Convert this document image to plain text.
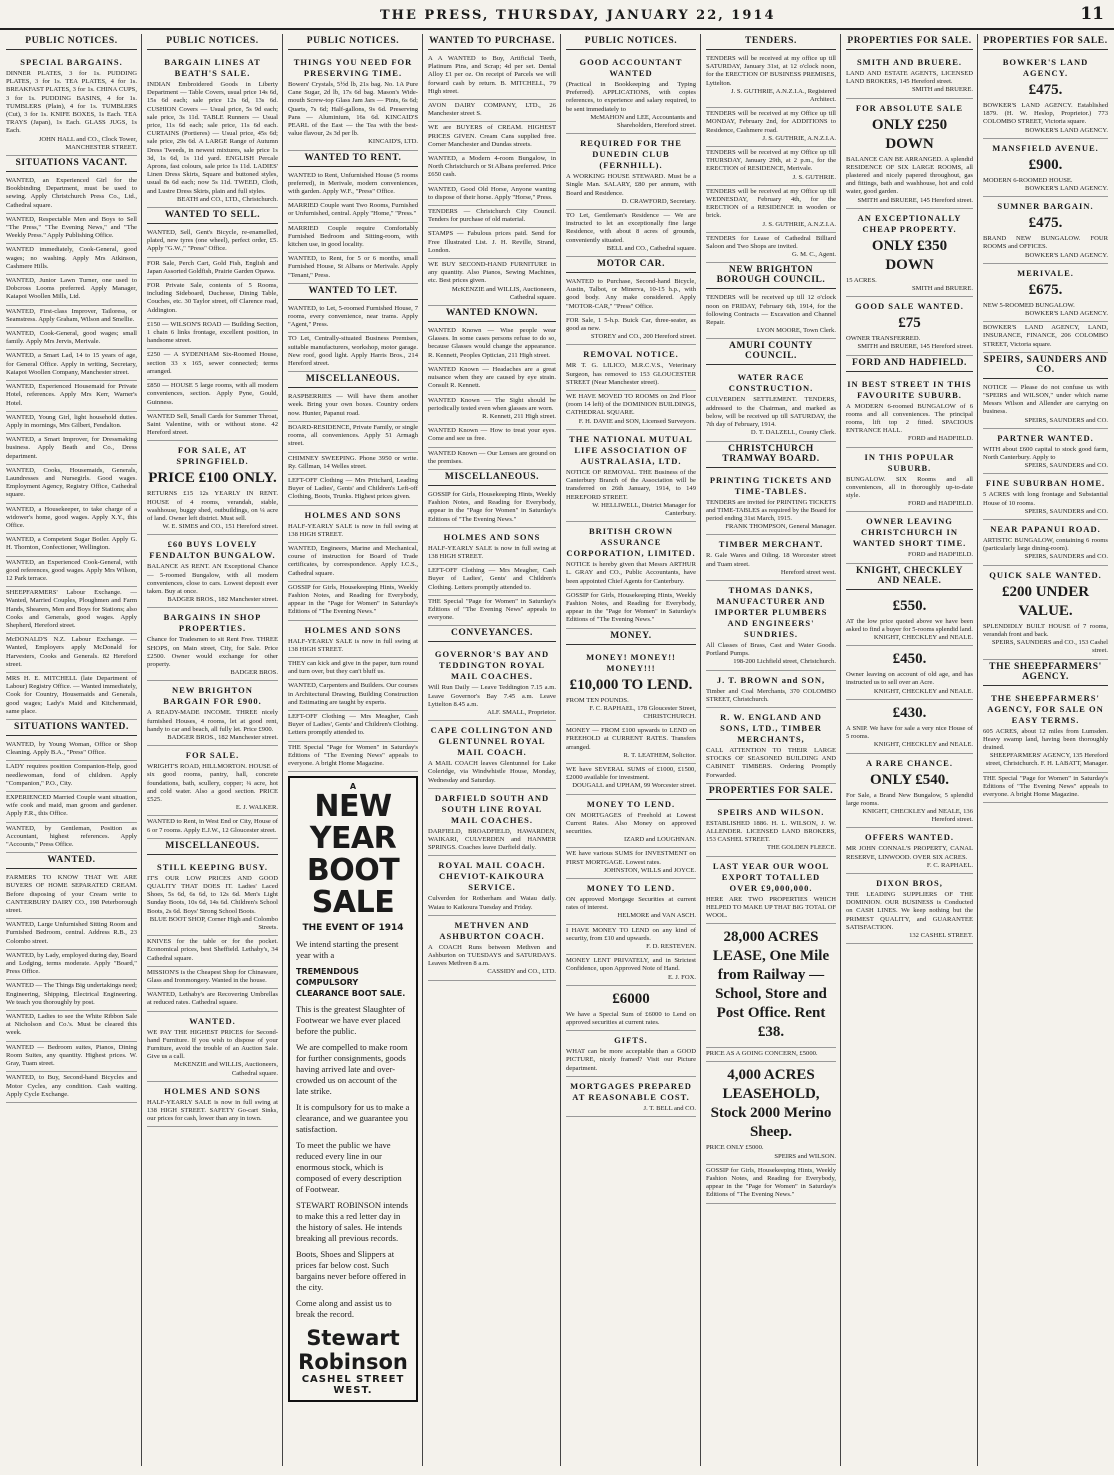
THE PRESS, THURSDAY, JANUARY 22, 1914	11
PUBLIC NOTICES.
SPECIAL BARGAINS.
DINNER PLATES, 3 for 1s. PUDDING PLATES, 3 for 1s. TEA PLATES, 4 for 1s. BREAKFAST PLATES, 3 for 1s. CHINA CUPS, 3 for 1s. PUDDING BASINS, 4 for 1s. TUMBLERS (Plain), 4 for 1s. TUMBLERS (Cut), 3 for 1s. KNIFE BOXES, 1s Each. TEA TRAYS (Japan), 1s Each. GLASS JUGS, 1s Each.
JOHN HALL and CO., Clock Tower, MANCHESTER STREET.
SITUATIONS VACANT.
WANTED, an Experienced Girl for the Bookbinding Department, must be used to sewing. Apply Christchurch Press Co., Ltd., Cathedral square.
WANTED, Respectable Men and Boys to Sell "The Press," "The Evening News," and "The Weekly Press." Apply Publishing Office.
WANTED immediately, Cook-General, good wages; no washing. Apply Mrs Atkinson, Cashmere Hills.
WANTED, Junior Lawn Turner, one used to Dobcross Looms preferred. Apply Manager, Kaiapoi Woollen Mills, Ltd.
WANTED, First-class Improver, Tailoress, or Seamstress. Apply Graham, Wilson and Smellie.
WANTED, Cook-General, good wages; small family. Apply Mrs Jervis, Merivale.
WANTED, a Smart Lad, 14 to 15 years of age, for General Office. Apply in writing, Secretary, Kaiapoi Woollen Company, Manchester street.
WANTED, Experienced Housemaid for Private Hotel, references. Apply Mrs Kerr, Warner's Hotel.
WANTED, Young Girl, light household duties. Apply in mornings, Mrs Gilbert, Fendalton.
WANTED, a Smart Improver, for Dressmaking business. Apply Beath and Co., Dress department.
WANTED, Cooks, Housemaids, Generals, Laundresses and Nursegirls. Good wages. Employment Agency, Registry Office, Cathedral square.
WANTED, a Housekeeper, to take charge of a widower's home, good wages. Apply X.Y., this Office.
WANTED, a Competent Sugar Boiler. Apply G. H. Thornton, Confectioner, Wellington.
WANTED, an Experienced Cook-General, with good references, good wages. Apply Mrs Wilson, 12 Park terrace.
SHEEPFARMERS' Labour Exchange. — Wanted, Married Couples, Ploughmen and Farm Hands, Shearers, Men and Boys for Stations; also Cooks and Generals, good wages. Apply Shepherd, Hereford street.
McDONALD'S N.Z. Labour Exchange. — Wanted, Employers apply McDonald for Harvesters, Cooks and Generals. 82 Hereford street.
MRS H. E. MITCHELL (late Department of Labour) Registry Office. — Wanted immediately, Cook for Country, Housemaids and Generals, good wages; Lady's Maid and Kitchenmaid, same place.
SITUATIONS WANTED.
WANTED, by Young Woman, Office or Shop Cleaning. Apply B.A., "Press" Office.
LADY requires position Companion-Help, good needlewoman, fond of children. Apply "Companion," P.O., City.
EXPERIENCED Married Couple want situation, wife cook and maid, man groom and gardener. Apply F.R., this Office.
WANTED, by Gentleman, Position as Accountant, highest references. Apply "Accounts," Press Office.
WANTED.
FARMERS TO KNOW THAT WE ARE BUYERS OF HOME SEPARATED CREAM. Before disposing of your Cream write to CANTERBURY DAIRY CO., 198 Peterborough street.
WANTED, Large Unfurnished Sitting Room and Furnished Bedroom, central. Address R.B., 23 Colombo street.
WANTED, by Lady, employed during day, Board and Lodging, terms moderate. Apply "Board," Press Office.
WANTED — The Things Big undertakings need; Engineering, Shipping, Electrical Engineering. We teach you thoroughly by post.
WANTED, Ladies to see the White Ribbon Sale at Nicholson and Co.'s. Must be cleared this week.
WANTED — Bedroom suites, Pianos, Dining Room Suites, any quantity. Highest prices. W. Gray, Tuam street.
WANTED, to Buy, Second-hand Bicycles and Motor Cycles, any condition. Cash waiting. Apply Cycle Exchange.
PUBLIC NOTICES.
BARGAIN LINES AT BEATH'S SALE.
INDIAN Embroidered Goods in Liberty Department — Table Covers, usual price 14s 6d, 15s 6d each; sale price 12s 6d, 13s 6d. CUSHION Covers — Usual price, 5s 9d each; sale price, 3s 11d. TABLE Runners — Usual price, 11s 6d each; sale price, 11s 6d each. CURTAINS (Portieres) — Usual price, 45s 6d; sale price, 29s 6d. A LARGE Range of Autumn Dress Tweeds, in newest mixtures, sale price 1s 3d, 1s 6d, 1s 11d yard. ENGLISH Percale Aprons, fast colours, sale price 1s 11d. LADIES' Linen Dress Skirts, Square and buttoned styles, usual 8s 6d each; now 5s 11d. TWEED, Cloth, and Lustre Dress Skirts, plain and full styles.
BEATH and CO., LTD., Christchurch.
WANTED TO SELL.
WANTED, Sell, Gent's Bicycle, re-enamelled, plated, new tyres (one wheel), perfect order, £5. Apply "G.W.," "Press" Office.
FOR Sale, Perch Cart, Gold Fish, English and Japan Assorted Goldfish, Prairie Garden Opawa.
FOR Private Sale, contents of 5 Rooms, including Sideboard, Duchesse, Dining Table, Couches, etc. 30 Taylor street, off Clarence road, Addington.
£150 — WILSON'S ROAD — Building Section, 1 chain 6 links frontage, excellent position, in handsome street.
£250 — A SYDENHAM Six-Roomed House, section 33 x 165, sewer connected; terms arranged.
£850 — HOUSE 5 large rooms, with all modern conveniences, section. Apply Pyne, Gould, Guinness.
WANTED Sell, Small Cards for Summer Throat, Saint Valentine, with or without stone. 42 Hereford street.
FOR SALE, AT SPRINGFIELD.
PRICE £100 ONLY.
RETURNS £15 12s YEARLY IN RENT. HOUSE of 4 rooms, verandah, stable, washhouse, buggy shed, outbuildings, on ¼ acre of land. Owner left district. Must sell.
W. E. SIMES and CO., 151 Hereford street.
£60 BUYS LOVELY FENDALTON BUNGALOW.
BALANCE AS RENT. AN Exceptional Chance — 5-roomed Bungalow, with all modern conveniences, close to cars. Lowest deposit ever taken. Buy at once.
BADGER BROS., 182 Manchester street.
BARGAINS IN SHOP PROPERTIES.
Chance for Tradesmen to sit Rent Free. THREE SHOPS, on Main street, City, for Sale. Price £2500. Owner would exchange for other property.
BADGER BROS.
NEW BRIGHTON BARGAIN FOR £900.
A READY-MADE INCOME. THREE nicely furnished Houses, 4 rooms, let at good rent, handy to car and beach, all fully let. Price £900.
BADGER BROS., 182 Manchester street.
FOR SALE.
WRIGHT'S ROAD, HILLMORTON. HOUSE of six good rooms, pantry, hall, concrete foundations, bath, scullery, copper; ¼ acre, hot and cold water. Also a good section. PRICE £525.
E. J. WALKER.
WANTED to Rent, in West End or City, House of 6 or 7 rooms. Apply E.J.W., 12 Gloucester street.
MISCELLANEOUS.
STILL KEEPING BUSY.
IT'S OUR LOW PRICES AND GOOD QUALITY THAT DOES IT. Ladies' Laced Shoes, 5s 6d, 6s 6d, to 12s 6d. Men's Light Sunday Boots, 10s 6d, 14s 6d. Children's School Boots, 2s 6d. Boys' Strong School Boots.
BLUE BOOT SHOP, Corner High and Colombo Streets.
KNIVES for the table or for the pocket. Economical prices, best Sheffield. Lethaby's, 34 Cathedral square.
MISSION'S is the Cheapest Shop for Chinaware, Glass and Ironmongery. Wanted in the house.
WANTED, Lethaby's are Recovering Umbrellas at reduced rates. Cathedral square.
WANTED.
WE PAY THE HIGHEST PRICES for Second-hand Furniture. If you wish to dispose of your Furniture, avoid the trouble of an Auction Sale. Give us a call.
McKENZIE and WILLIS, Auctioneers, Cathedral square.
HOLMES AND SONS
HALF-YEARLY SALE is now in full swing at 138 HIGH STREET. SAFETY Go-cart Sinks, our prices for cash, lower than any in town.
PUBLIC NOTICES.
THINGS YOU NEED FOR PRESERVING TIME.
Bowers' Crystals, 5½d lb, 21s bag. No. 1A Pure Cane Sugar, 2d lb, 17s 6d bag. Mason's Wide-mouth Screw-top Glass Jam Jars — Pints, 6s 6d; Quarts, 7s 6d; Half-gallons, 9s 6d. Preserving Pans — Aluminium, 16s 6d. KINCAID'S PEARL of the East — the Tea with the best-value flavour, 2s 3d per lb.
KINCAID'S, LTD.
WANTED TO RENT.
WANTED to Rent, Unfurnished House (5 rooms preferred), in Merivale, modern conveniences, with garden. Apply W.F., "Press" Office.
MARRIED Couple want Two Rooms, Furnished or Unfurnished, central. Apply "Home," "Press."
MARRIED Couple require Comfortably Furnished Bedroom and Sitting-room, with kitchen use, in good locality.
WANTED, to Rent, for 5 or 6 months, small Furnished House, St Albans or Merivale. Apply "Tenant," Press.
WANTED TO LET.
WANTED, to Let, 5-roomed Furnished House, 7 rooms, every convenience, near trams. Apply "Agent," Press.
TO Let, Centrally-situated Business Premises, suitable manufacturers, workshop, motor garage. New roof, good light. Apply Harris Bros., 214 Hereford street.
MISCELLANEOUS.
RASPBERRIES — Will have them another week. Bring your own boxes. Country orders now. Hunter, Papanui road.
BOARD-RESIDENCE, Private Family, or single rooms, all conveniences. Apply 51 Armagh street.
CHIMNEY SWEEPING. Phone 3950 or write. Ry. Gillman, 14 Welles street.
LEFT-OFF Clothing — Mrs Pritchard, Leading Buyer of Ladies', Gents' and Children's Left-off Clothing, Boots, Trunks. Highest prices given.
HOLMES AND SONS
HALF-YEARLY SALE is now in full swing at 138 HIGH STREET.
WANTED, Engineers, Marine and Mechanical, course of instruction for Board of Trade certificates, by correspondence. Apply I.C.S., Cathedral square.
GOSSIP for Girls, Housekeeping Hints, Weekly Fashion Notes, and Reading for Everybody, appear in the "Page for Women" in Saturday's Editions of "The Evening News."
HOLMES AND SONS
HALF-YEARLY SALE is now in full swing at 138 HIGH STREET.
THEY can kick and give in the paper, turn round and turn over, but they can't bluff us.
WANTED, Carpenters and Builders. Our courses in Architectural Drawing, Building Construction and Estimating are taught by experts.
LEFT-OFF Clothing — Mrs Meagher, Cash Buyer of Ladies', Gents' and Children's Clothing. Letters promptly attended to.
THE Special "Page for Women" in Saturday's Editions of "The Evening News" appeals to everyone. A bright Home Magazine.
A
NEW YEAR
BOOT SALE
THE EVENT OF 1914

We intend starting the present year with a

TREMENDOUS COMPULSORY CLEARANCE BOOT SALE.

This is the greatest Slaughter of Footwear we have ever placed before the public.

We are compelled to make room for further consignments, goods having arrived late and over-crowded us on account of the late strike.

It is compulsory for us to make a clearance, and we guarantee you satisfaction.

To meet the public we have reduced every line in our enormous stock, which is composed of every description of Footwear.

STEWART ROBINSON intends to make this a red letter day in the history of sales. He intends breaking all previous records.

Boots, Shoes and Slippers at prices far below cost. Such bargains never before offered in the city.

Come along and assist us to break the record.

Stewart Robinson
CASHEL STREET WEST.
WANTED TO PURCHASE.
A A WANTED to Buy, Artificial Teeth, Platinum Pins, and Scrap; 4d per set. Dental Alloy £1 per oz. On receipt of Parcels we will forward cash by return. B. MITCHELL, 79 High street.
AVON DAIRY COMPANY, LTD., 26 Manchester street S.
WE are BUYERS of CREAM. HIGHEST PRICES GIVEN. Cream Cans supplied free. Corner Manchester and Dundas streets.
WANTED, a Modern 4-room Bungalow, in North Christchurch or St Albans preferred. Price £650 cash.
WANTED, Good Old Horse, Anyone wanting to dispose of their horse. Apply "Horse," Press.
TENDERS — Christchurch City Council. Tenders for purchase of old material.
STAMPS — Fabulous prices paid. Send for Free Illustrated List. J. H. Reville, Strand, London.
WE BUY SECOND-HAND FURNITURE in any quantity. Also Pianos, Sewing Machines, etc. Best prices given.
McKENZIE and WILLIS, Auctioneers, Cathedral square.
WANTED KNOWN.
WANTED Known — Wise people wear Glasses. In some cases persons refuse to do so, because Glasses would change the appearance. R. Kennett, Peoples Optician, 211 High street.
WANTED Known — Headaches are a great nuisance when they are caused by eye strain. Consult R. Kennett.
WANTED Known — The Sight should be periodically tested even when glasses are worn.
R. Kennett, 211 High street.
WANTED Known — How to treat your eyes. Come and see us free.
WANTED Known — Our Lenses are ground on the premises.
MISCELLANEOUS.
GOSSIP for Girls, Housekeeping Hints, Weekly Fashion Notes, and Reading for Everybody, appear in the "Page for Women" in Saturday's Editions of "The Evening News."
HOLMES AND SONS
HALF-YEARLY SALE is now in full swing at 138 HIGH STREET.
LEFT-OFF Clothing — Mrs Meagher, Cash Buyer of Ladies', Gents' and Children's Clothing. Letters promptly attended to.
THE Special "Page for Women" in Saturday's Editions of "The Evening News" appeals to everyone.
CONVEYANCES.
GOVERNOR'S BAY AND TEDDINGTON ROYAL MAIL COACHES.
Will Run Daily — Leave Teddington 7.15 a.m. Leave Governor's Bay 7.45 a.m. Leave Lyttelton 8.45 a.m.
ALF. SMALL, Proprietor.
CAPE COLLINGTON AND GLENTUNNEL ROYAL MAIL COACH.
A MAIL COACH leaves Glentunnel for Lake Coleridge, via Windwhistle House, Monday, Wednesday and Saturday.
DARFIELD SOUTH AND SOUTH LINE ROYAL MAIL COACHES.
DARFIELD, BROADFIELD, HAWARDEN, WAIKARI, CULVERDEN and HANMER SPRINGS. Coaches leave Darfield daily.
ROYAL MAIL COACH. CHEVIOT-KAIKOURA SERVICE.
Culverden for Rotherham and Waiau daily. Waiau to Kaikoura Tuesday and Friday.
METHVEN AND ASHBURTON COACH.
A COACH Runs between Methven and Ashburton on TUESDAYS and SATURDAYS. Leaves Methven 8 a.m.
CASSIDY and CO., LTD.
PUBLIC NOTICES.
GOOD ACCOUNTANT WANTED
(Practical in Bookkeeping and Typing Preferred). APPLICATIONS, with copies references, to experience and salary required, to be sent immediately to
McMAHON and LEE, Accountants and Shareholders, Hereford street.
REQUIRED FOR THE DUNEDIN CLUB (FERNHILL).
A WORKING HOUSE STEWARD. Must be a Single Man. SALARY, £80 per annum, with Board and Residence.
D. CRAWFORD, Secretary.
TO Let, Gentleman's Residence — We are instructed to let an exceptionally fine large Residence, with about 8 acres of grounds, conveniently situated.
BELL and CO., Cathedral square.
MOTOR CAR.
WANTED to Purchase, Second-hand Bicycle, Austin, Talbot, or Minerva, 10-15 h.p., with good body. Any make considered. Apply "MOTOR-CAR," "Press" Office.
FOR Sale, 1 5-h.p. Buick Car, three-seater, as good as new.
STOREY and CO., 200 Hereford street.
REMOVAL NOTICE.
MR T. G. LILICO, M.R.C.V.S., Veterinary Surgeon, has removed to 153 GLOUCESTER STREET (Near Manchester street).
WE HAVE MOVED TO ROOMS on 2nd Floor (room 14 left) of the DOMINION BUILDINGS, CATHEDRAL SQUARE.
F. H. DAVIE and SON, Licensed Surveyors.
THE NATIONAL MUTUAL LIFE ASSOCIATION OF AUSTRALASIA, LTD.
NOTICE OF REMOVAL. THE Business of the Canterbury Branch of the Association will be transferred on 26th January, 1914, to 149 HEREFORD STREET.
W. HELLIWELL, District Manager for Canterbury.
BRITISH CROWN ASSURANCE CORPORATION, LIMITED.
NOTICE is hereby given that Messrs ARTHUR L. GRAY and CO., Public Accountants, have been appointed Chief Agents for Canterbury.
GOSSIP for Girls, Housekeeping Hints, Weekly Fashion Notes, and Reading for Everybody, appear in the "Page for Women" in Saturday's Editions of "The Evening News."
MONEY.
MONEY! MONEY!! MONEY!!!
£10,000 TO LEND.
FROM TEN POUNDS.
F. C. RAPHAEL, 178 Gloucester Street, CHRISTCHURCH.
MONEY — FROM £100 upwards to LEND on FREEHOLD at CURRENT RATES. Transfers arranged.
R. T. LEATHEM, Solicitor.
WE have SEVERAL SUMS of £1000, £1500, £2000 available for investment.
DOUGALL and UPHAM, 99 Worcester street.
MONEY TO LEND.
ON MORTGAGES of Freehold at Lowest Current Rates. Also Money on approved securities.
IZARD and LOUGHNAN.
WE have various SUMS for INVESTMENT on FIRST MORTGAGE. Lowest rates.
JOHNSTON, WILLS and JOYCE.
MONEY TO LEND.
ON approved Mortgage Securities at current rates of interest.
HELMORE and VAN ASCH.
I HAVE MONEY TO LEND on any kind of security, from £10 and upwards.
F. D. RESTEVEN.
MONEY LENT PRIVATELY, and in Strictest Confidence, upon Approved Note of Hand.
E. J. FOX.
£6000
We have a Special Sum of £6000 to Lend on approved securities at current rates.
GIFTS.
WHAT can be more acceptable than a GOOD PICTURE, nicely framed? Visit our Picture department.
MORTGAGES PREPARED AT REASONABLE COST.
J. T. BELL and CO.
TENDERS.
TENDERS will be received at my office up till SATURDAY, January 31st, at 12 o'clock noon, for the ERECTION OF BUSINESS PREMISES, Lyttelton.
J. S. GUTHRIE, A.N.Z.I.A., Registered Architect.
TENDERS will be received at my Office up till MONDAY, February 2nd, for ADDITIONS to Residence, Cashmere road.
J. S. GUTHRIE, A.N.Z.I.A.
TENDERS will be received at my Office up till THURSDAY, January 29th, at 2 p.m., for the ERECTION of RESIDENCE, Merivale.
J. S. GUTHRIE.
TENDERS will be received at my Office up till WEDNESDAY, February 4th, for the ERECTION of a RESIDENCE in wooden or brick.
J. S. GUTHRIE, A.N.Z.I.A.
TENDERS for Lease of Cathedral Billiard Saloon and Two Shops are invited.
G. M. C., Agent.
NEW BRIGHTON BOROUGH COUNCIL.
TENDERS will be received up till 12 o'clock noon on FRIDAY, February 6th, 1914, for the following Contracts — Excavation and Channel Repair.
LYON MOORE, Town Clerk.
AMURI COUNTY COUNCIL.
WATER RACE CONSTRUCTION.
CULVERDEN SETTLEMENT. TENDERS, addressed to the Chairman, and marked as below, will be received up till SATURDAY, the 7th day of February, 1914.
D. T. DALZELL, County Clerk.
CHRISTCHURCH TRAMWAY BOARD.
PRINTING TICKETS AND TIME-TABLES.
TENDERS are invited for PRINTING TICKETS and TIME-TABLES as required by the Board for period ending 31st March, 1915.
FRANK THOMPSON, General Manager.
TIMBER MERCHANT.
R. Gale Wares and Oiling. 18 Worcester street and Tuam street.
Hereford street west.
THOMAS DANKS, MANUFACTURER AND IMPORTER PLUMBERS AND ENGINEERS' SUNDRIES.
All Classes of Brass, Cast and Water Goods. Portland Pumps.
198-200 Lichfield street, Christchurch.
J. T. BROWN and SON,
Timber and Coal Merchants, 370 COLOMBO STREET, Christchurch.
R. W. ENGLAND AND SONS, LTD., TIMBER MERCHANTS,
CALL ATTENTION TO THEIR LARGE STOCKS OF SEASONED BUILDING AND CABINET TIMBERS. Ordering Promptly Forwarded.
PROPERTIES FOR SALE.
SPEIRS AND WILSON.
ESTABLISHED 1886. H. L. WILSON, J. W. ALLENDER. LICENSED LAND BROKERS, 153 CASHEL STREET.
THE GOLDEN FLEECE.
LAST YEAR OUR WOOL EXPORT TOTALLED OVER £9,000,000.
HERE ARE TWO PROPERTIES WHICH HELPED TO MAKE UP THAT BIG TOTAL OF WOOL.
28,000 ACRES LEASE, One Mile from Railway — School, Store and Post Office. Rent £38.
PRICE AS A GOING CONCERN, £5000.
4,000 ACRES LEASEHOLD, Stock 2000 Merino Sheep.
PRICE ONLY £5000.
SPEIRS and WILSON.
GOSSIP for Girls, Housekeeping Hints, Weekly Fashion Notes, and Reading for Everybody, appear in the "Page for Women" in Saturday's Editions of "The Evening News."
PROPERTIES FOR SALE.
SMITH AND BRUERE.
LAND AND ESTATE AGENTS, LICENSED LAND BROKERS, 145 Hereford street.
SMITH and BRUERE.
FOR ABSOLUTE SALE
ONLY £250 DOWN
BALANCE CAN BE ARRANGED. A splendid RESIDENCE OF SIX LARGE ROOMS, all plastered and nicely papered throughout, gas and fittings, bath and washhouse, hot and cold water, good garden.
SMITH and BRUERE, 145 Hereford street.
AN EXCEPTIONALLY CHEAP PROPERTY.
ONLY £350 DOWN
15 ACRES.
SMITH and BRUERE.
GOOD SALE WANTED.
£75
OWNER TRANSFERRED.
SMITH and BRUERE, 145 Hereford street.
FORD AND HADFIELD.
IN BEST STREET IN THIS FAVOURITE SUBURB.
A MODERN 6-roomed BUNGALOW of 6 rooms and all conveniences. The principal rooms, lift top 2 fitted. SPACIOUS ENTRANCE HALL.
FORD and HADFIELD.
IN THIS POPULAR SUBURB.
BUNGALOW. SIX Rooms and all conveniences, all in thoroughly up-to-date style.
FORD and HADFIELD.
OWNER LEAVING CHRISTCHURCH IN WANTED SHORT TIME.
FORD and HADFIELD.
KNIGHT, CHECKLEY AND NEALE.
£550.
AT the low price quoted above we have been asked to find a buyer for 5-rooms splendid land.
KNIGHT, CHECKLEY and NEALE.
£450.
Owner leaving on account of old age, and has instructed us to sell over an Acre.
KNIGHT, CHECKLEY and NEALE.
£430.
A SNIP. We have for sale a very nice House of 5 rooms.
KNIGHT, CHECKLEY and NEALE.
A RARE CHANCE.
ONLY £540.
For Sale, a Brand New Bungalow, 5 splendid large rooms.
KNIGHT, CHECKLEY and NEALE, 136 Hereford street.
OFFERS WANTED.
MR JOHN CONNAL'S PROPERTY, CANAL RESERVE, LINWOOD. OVER SIX ACRES.
F. C. RAPHAEL.
DIXON BROS,
THE LEADING SUPPLIERS OF THE DOMINION. OUR BUSINESS is Conducted on CASH LINES. We keep nothing but the PRIMEST QUALITY, and GUARANTEE SATISFACTION.
132 CASHEL STREET.
PROPERTIES FOR SALE.
BOWKER'S LAND AGENCY.
£475.
BOWKER'S LAND AGENCY. Established 1879. (H. W. Heslop, Proprietor.) 773 COLOMBO STREET, Victoria square.
BOWKER'S LAND AGENCY.
MANSFIELD AVENUE.
£900.
MODERN 6-ROOMED HOUSE.
BOWKER'S LAND AGENCY.
SUMNER BARGAIN.
£475.
BRAND NEW BUNGALOW. FOUR ROOMS and OFFICES.
BOWKER'S LAND AGENCY.
MERIVALE.
£675.
NEW 5-ROOMED BUNGALOW.
BOWKER'S LAND AGENCY.
BOWKER'S LAND AGENCY, LAND, INSURANCE, FINANCE, 206 COLOMBO STREET, Victoria square.
SPEIRS, SAUNDERS AND CO.
NOTICE — Please do not confuse us with "SPEIRS and WILSON," under which name Messrs Wilson and Allender are carrying on business.
SPEIRS, SAUNDERS and CO.
PARTNER WANTED.
WITH about £600 capital to stock good farm, North Canterbury. Apply to
SPEIRS, SAUNDERS and CO.
FINE SUBURBAN HOME.
5 ACRES with long frontage and Substantial House of 10 rooms.
SPEIRS, SAUNDERS and CO.
NEAR PAPANUI ROAD.
ARTISTIC BUNGALOW, containing 6 rooms (particularly large dining-room).
SPEIRS, SAUNDERS and CO.
QUICK SALE WANTED.
£200 UNDER VALUE.
SPLENDIDLY BUILT HOUSE of 7 rooms, verandah front and back.
SPEIRS, SAUNDERS and CO., 153 Cashel street.
THE SHEEPFARMERS' AGENCY.
THE SHEEPFARMERS' AGENCY, FOR SALE ON EASY TERMS.
605 ACRES, about 12 miles from Lumsden. Heavy swamp land, having been thoroughly drained.
SHEEPFARMERS' AGENCY, 135 Hereford street, Christchurch. F. H. LABATT, Manager.
THE Special "Page for Women" in Saturday's Editions of "The Evening News" appeals to everyone. A bright Home Magazine.
